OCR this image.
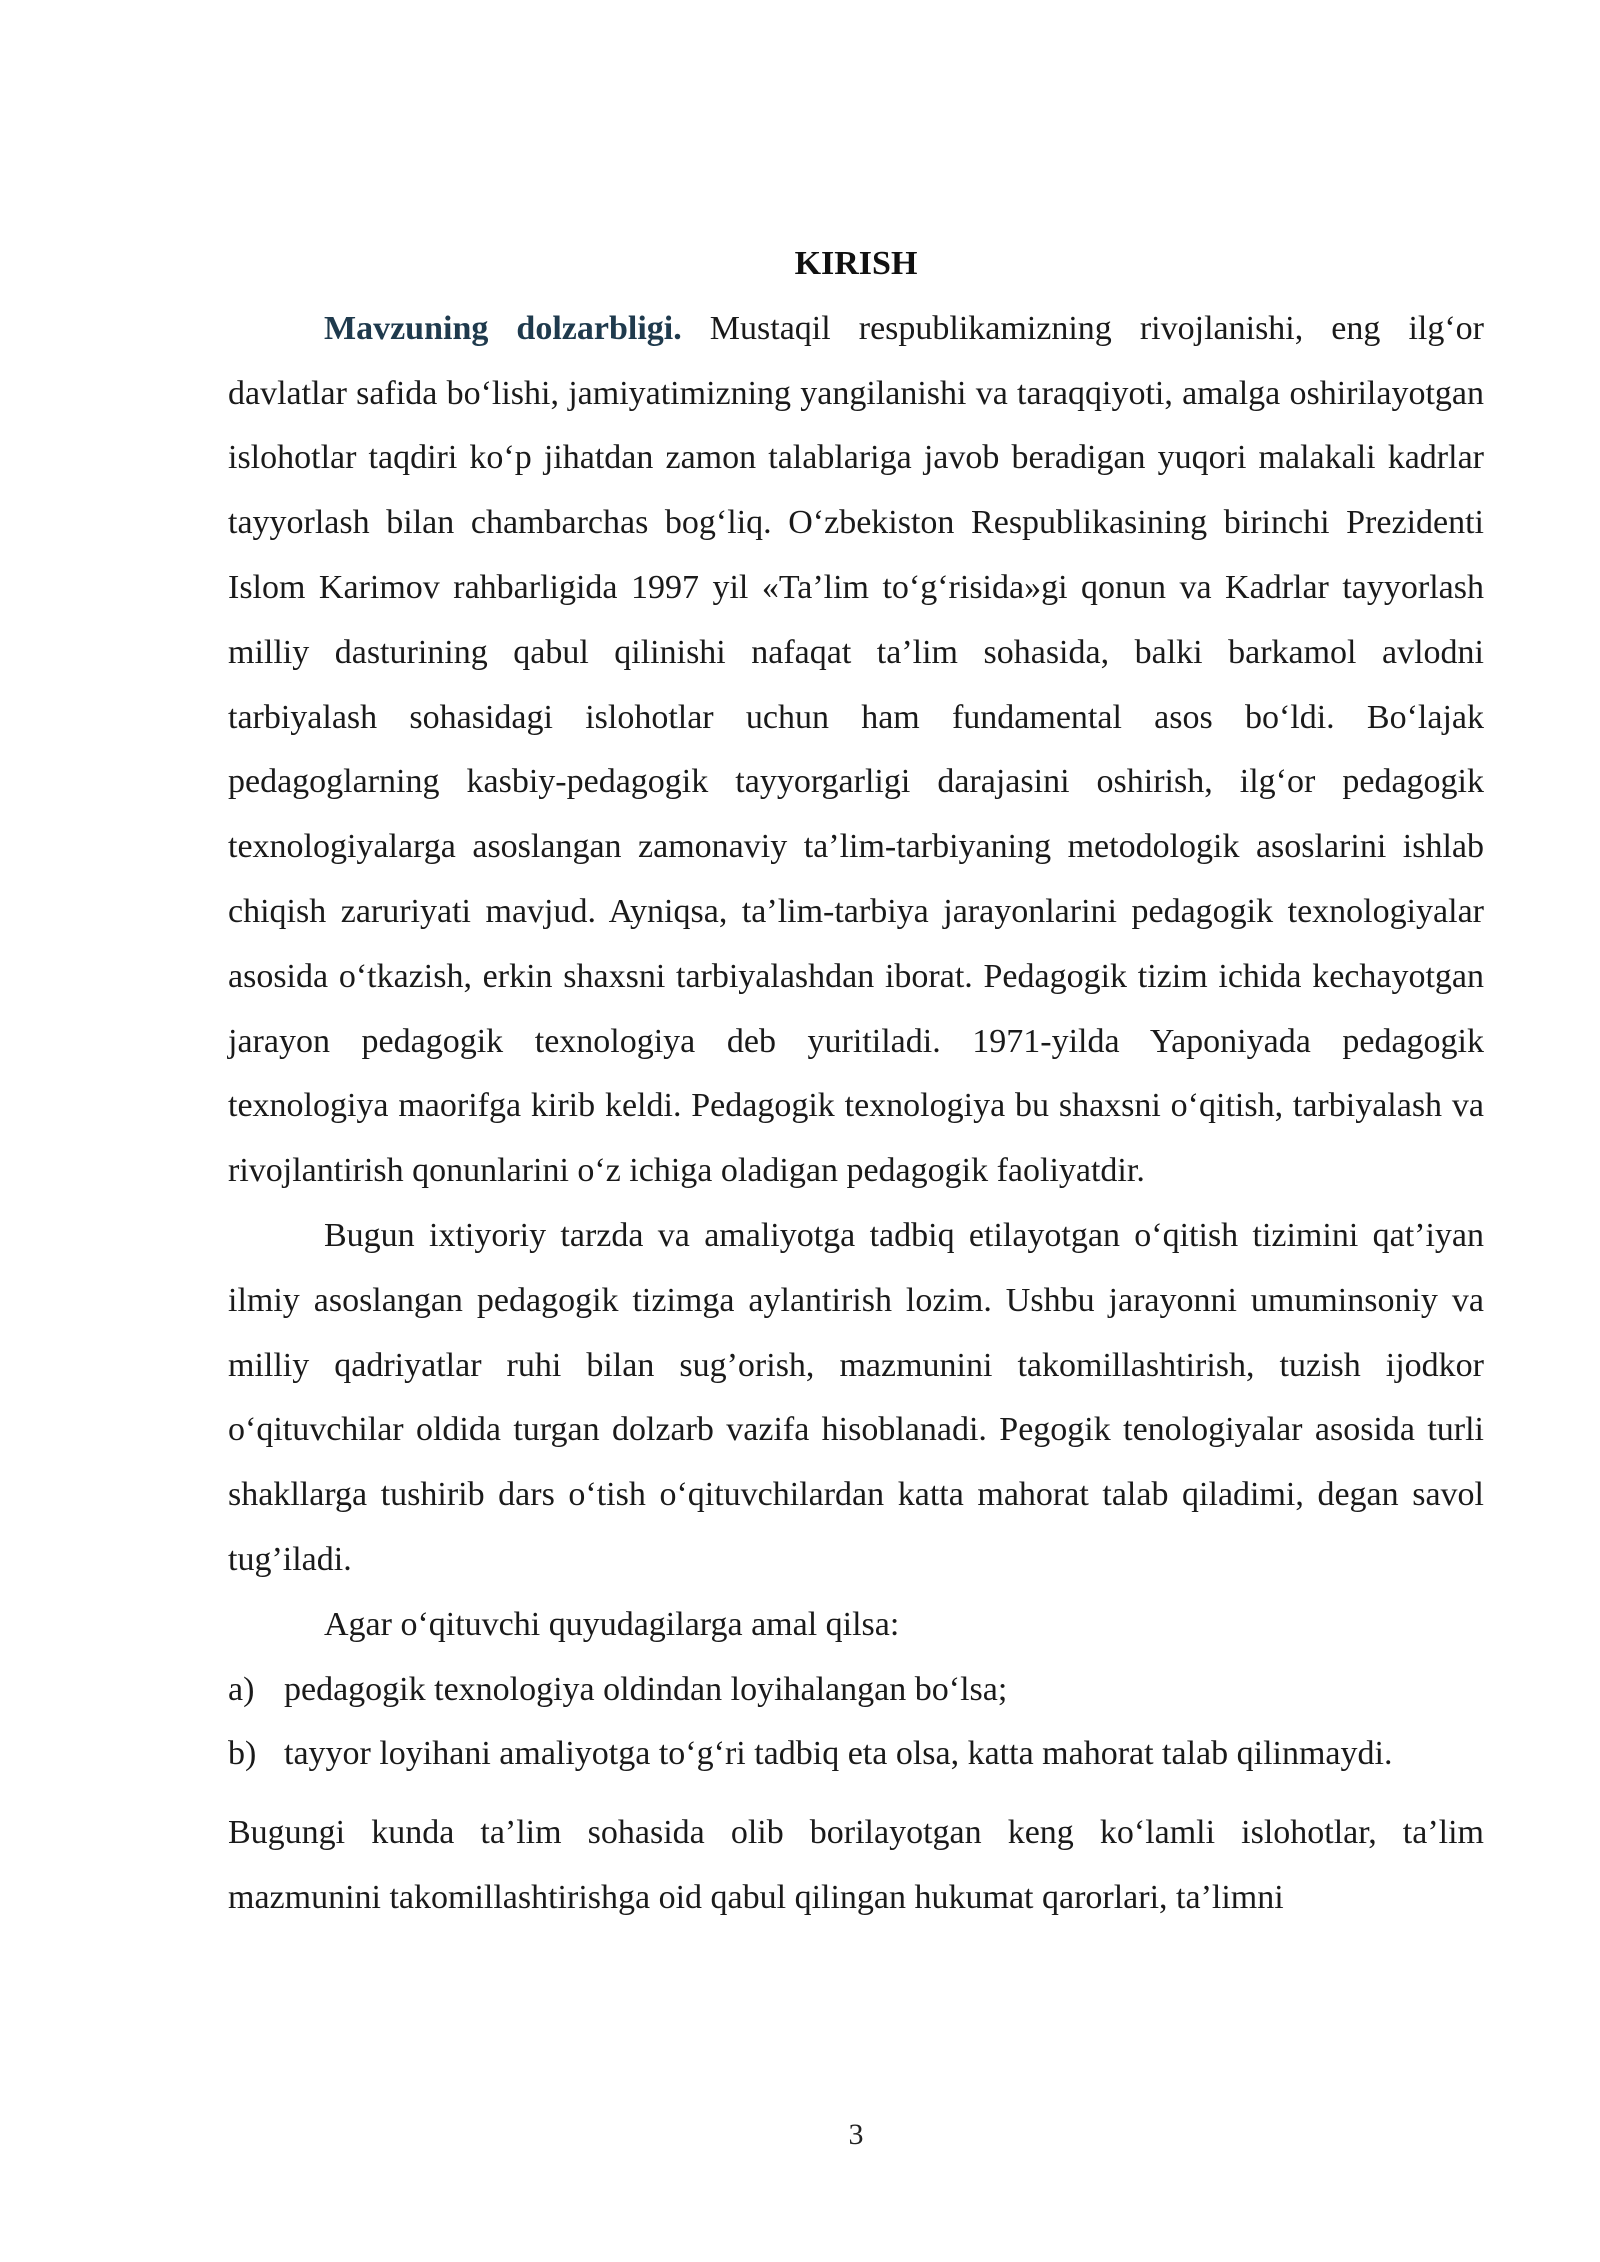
KIRISH

Mavzuning dolzarbligi. Mustaqil respublikamizning rivojlanishi, eng ilg‘or davlatlar safida bo‘lishi, jamiyatimizning yangilanishi va taraqqiyoti, amalga oshirilayotgan islohotlar taqdiri ko‘p jihatdan zamon talablariga javob beradigan yuqori malakali kadrlar tayyorlash bilan chambarchas bog‘liq. O‘zbekiston Respublikasining birinchi Prezidenti Islom Karimov rahbarligida 1997 yil «Ta’lim to‘g‘risida»gi qonun va Kadrlar tayyorlash milliy dasturining qabul qilinishi nafaqat ta’lim sohasida, balki barkamol avlodni tarbiyalash sohasidagi islohotlar uchun ham fundamental asos bo‘ldi. Bo‘lajak pedagoglarning kasbiy-pedagogik tayyorgarligi darajasini oshirish, ilg‘or pedagogik texnologiyalarga asoslangan zamonaviy ta’lim-tarbiyaning metodologik asoslarini ishlab chiqish zaruriyati mavjud. Ayniqsa, ta’lim-tarbiya jarayonlarini pedagogik texnologiyalar asosida o‘tkazish, erkin shaxsni tarbiyalashdan iborat. Pedagogik tizim ichida kechayotgan jarayon pedagogik texnologiya deb yuritiladi. 1971-yilda Yaponiyada pedagogik texnologiya maorifga kirib keldi. Pedagogik texnologiya bu shaxsni o‘qitish, tarbiyalash va rivojlantirish qonunlarini o‘z ichiga oladigan pedagogik faoliyatdir.

Bugun ixtiyoriy tarzda va amaliyotga tadbiq etilayotgan o‘qitish tizimini qat’iyan ilmiy asoslangan pedagogik tizimga aylantirish lozim. Ushbu jarayonni umuminsoniy va milliy qadriyatlar ruhi bilan sug’orish, mazmunini takomillashtirish, tuzish ijodkor o‘qituvchilar oldida turgan dolzarb vazifa hisoblanadi. Pegogik tenologiyalar asosida turli shakllarga tushirib dars o‘tish o‘qituvchilardan katta mahorat talab qiladimi, degan savol tug’iladi.

Agar o‘qituvchi quyudagilarga amal qilsa:

a) pedagogik texnologiya oldindan loyihalangan bo‘lsa;

b) tayyor loyihani amaliyotga to‘g‘ri tadbiq eta olsa, katta mahorat talab qilinmaydi.

Bugungi kunda ta’lim sohasida olib borilayotgan keng ko‘lamli islohotlar, ta’lim mazmunini takomillashtirishga oid qabul qilingan hukumat qarorlari, ta’limni

3
